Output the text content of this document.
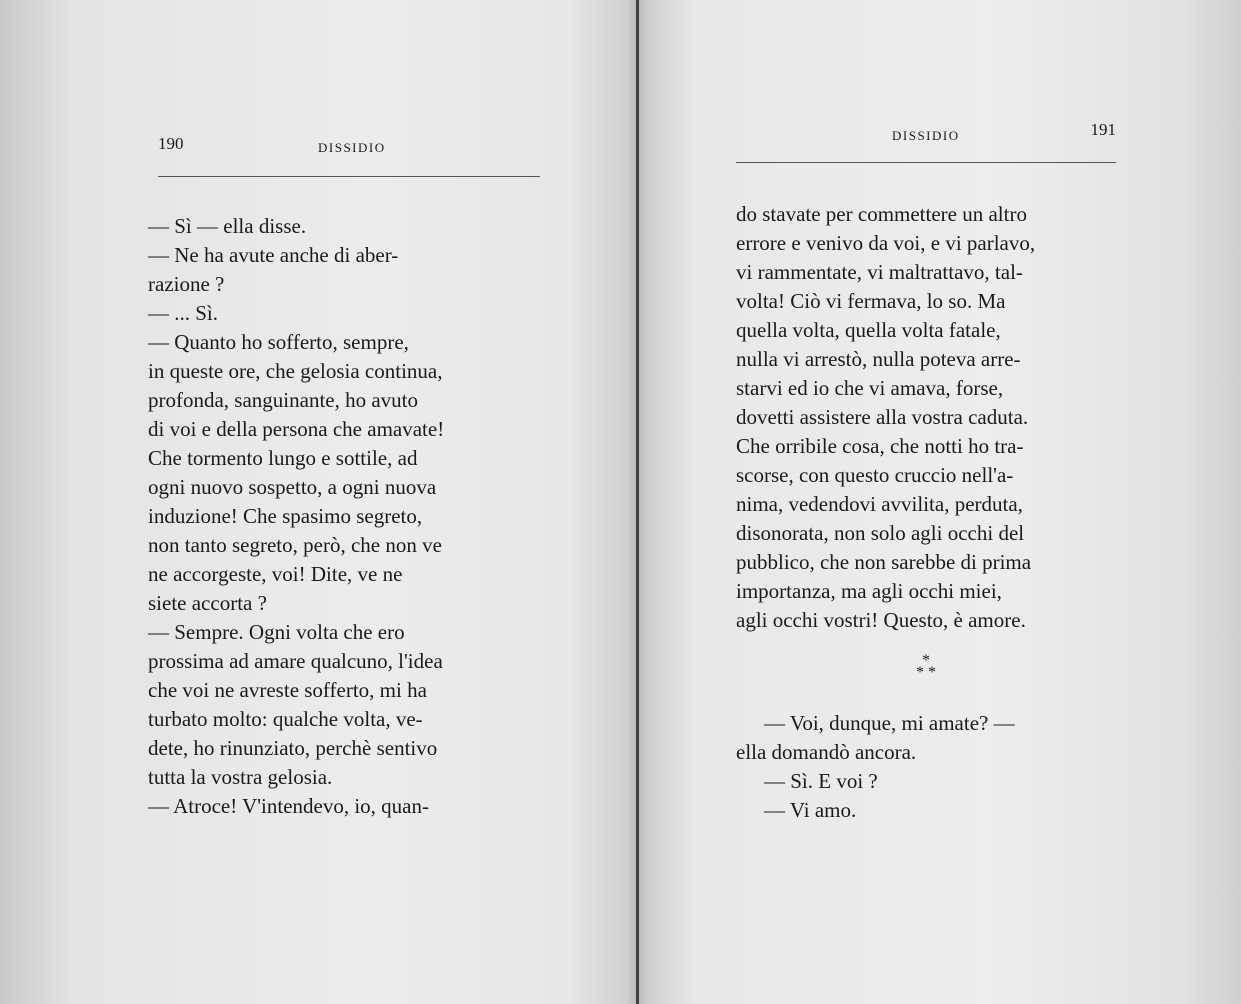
190	DISSIDIO
— Sì — ella disse.
— Ne ha avute anche di aber-
razione ?
— ... Sì.
— Quanto ho sofferto, sempre,
in queste ore, che gelosia continua,
profonda, sanguinante, ho avuto
di voi e della persona che amavate!
Che tormento lungo e sottile, ad
ogni nuovo sospetto, a ogni nuova
induzione! Che spasimo segreto,
non tanto segreto, però, che non ve
ne accorgeste, voi! Dite, ve ne
siete accorta ?
— Sempre. Ogni volta che ero
prossima ad amare qualcuno, l'idea
che voi ne avreste sofferto, mi ha
turbato molto: qualche volta, ve-
dete, ho rinunziato, perchè sentivo
tutta la vostra gelosia.
— Atroce! V'intendevo, io, quan-
DISSIDIO	191
do stavate per commettere un altro
errore e venivo da voi, e vi parlavo,
vi rammentate, vi maltrattavo, tal-
volta! Ciò vi fermava, lo so. Ma
quella volta, quella volta fatale,
nulla vi arrestò, nulla poteva arre-
starvi ed io che vi amava, forse,
dovetti assistere alla vostra caduta.
Che orribile cosa, che notti ho tra-
scorse, con questo cruccio nell'a-
nima, vedendovi avvilita, perduta,
disonorata, non solo agli occhi del
pubblico, che non sarebbe di prima
importanza, ma agli occhi miei,
agli occhi vostri! Questo, è amore.
*
* *
— Voi, dunque, mi amate? —
ella domandò ancora.
— Sì. E voi ?
— Vi amo.
